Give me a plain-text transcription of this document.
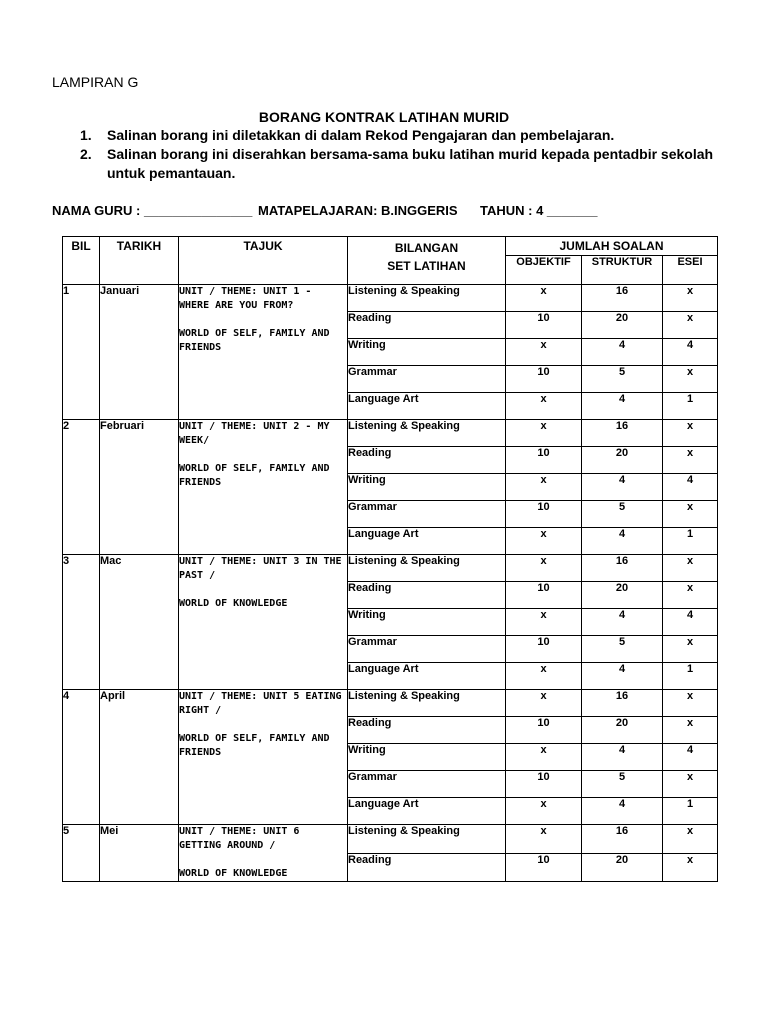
LAMPIRAN G
BORANG KONTRAK LATIHAN MURID
1.	Salinan borang ini diletakkan di dalam Rekod Pengajaran dan pembelajaran.
2.	Salinan borang ini diserahkan bersama-sama buku latihan murid kepada pentadbir sekolah untuk pemantauan.
NAMA GURU : _______________ MATAPELAJARAN: B.INGGERIS TAHUN : 4 _______
BIL	TARIKH	TAJUK	BILANGAN
SET LATIHAN	JUMLAH SOALAN		
				OBJEKTIF	STRUKTUR	ESEI
1	Januari	UNIT / THEME: UNIT 1 - WHERE ARE YOU FROM?
WORLD OF SELF, FAMILY AND FRIENDS	Listening & Speaking	x	16	x
			Reading	10	20	x
			Writing	x	4	4
			Grammar	10	5	x
			Language Art	x	4	1
2	Februari	UNIT / THEME: UNIT 2 - MY WEEK/
WORLD OF SELF, FAMILY AND FRIENDS	Listening & Speaking	x	16	x
			Reading	10	20	x
			Writing	x	4	4
			Grammar	10	5	x
			Language Art	x	4	1
3	Mac	UNIT / THEME: UNIT 3 IN THE PAST /
WORLD OF KNOWLEDGE	Listening & Speaking	x	16	x
			Reading	10	20	x
			Writing	x	4	4
			Grammar	10	5	x
			Language Art	x	4	1
4	April	UNIT / THEME: UNIT 5 EATING RIGHT /
WORLD OF SELF, FAMILY AND FRIENDS	Listening & Speaking	x	16	x
			Reading	10	20	x
			Writing	x	4	4
			Grammar	10	5	x
			Language Art	x	4	1
5	Mei	UNIT / THEME: UNIT 6 GETTING AROUND /
WORLD OF KNOWLEDGE	Listening & Speaking	x	16	x
			Reading	10	20	x
